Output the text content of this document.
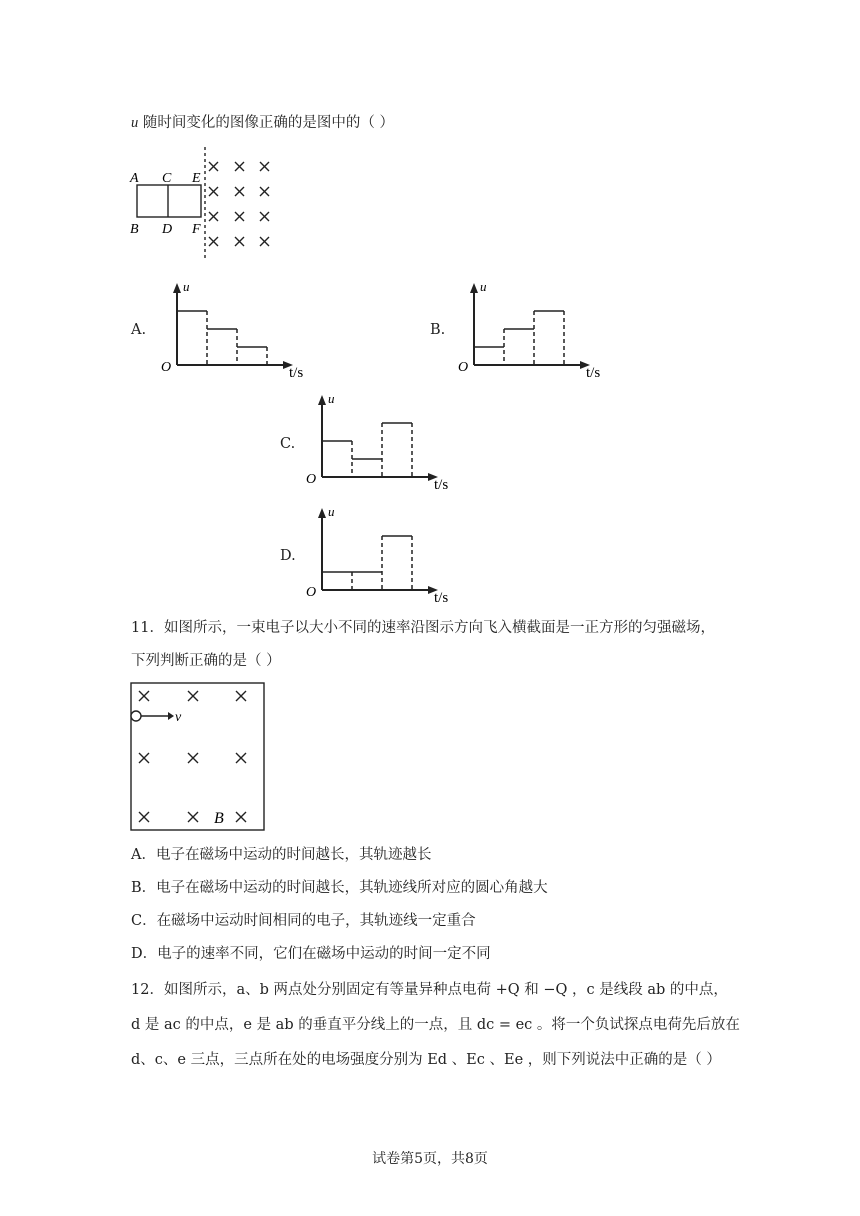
u 随时间变化的图像正确的是图中的（ ）
A C E
B D F
A.
u
O	t/s
B.
u
O	t/s
C.
u
O	t/s
D.
u
O	t/s
11．如图所示，一束电子以大小不同的速率沿图示方向飞入横截面是一正方形的匀强磁场，
下列判断正确的是（ ）
v
B
A．电子在磁场中运动的时间越长，其轨迹越长
B．电子在磁场中运动的时间越长，其轨迹线所对应的圆心角越大
C．在磁场中运动时间相同的电子，其轨迹线一定重合
D．电子的速率不同，它们在磁场中运动的时间一定不同
12．如图所示，a、b 两点处分别固定有等量异种点电荷 +Q 和 −Q ，c 是线段 ab 的中点，
d 是 ac 的中点，e 是 ab 的垂直平分线上的一点，且 dc = ec 。将一个负试探点电荷先后放在
d、c、e 三点，三点所在处的电场强度分别为 Ed 、Ec 、Ee ，则下列说法中正确的是（ ）
试卷第5页，共8页
